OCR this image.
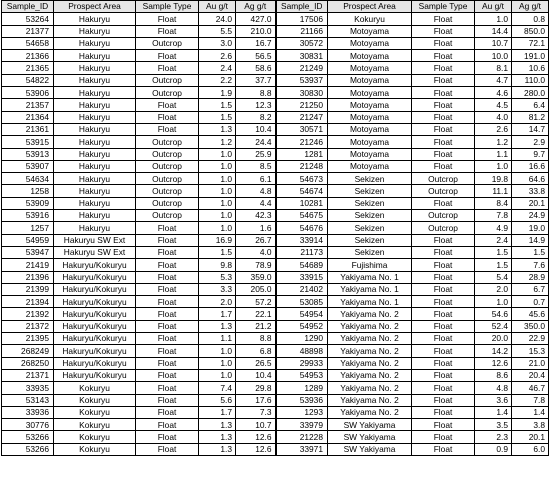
Sample_ID	Prospect Area	Sample Type	Au g/t	Ag g/t	Sample_ID	Prospect Area	Sample Type	Au g/t	Ag g/t
53264	Hakuryu	Float	24.0	427.0	17506	Kokuryu	Float	1.0	0.8
21377	Hakuryu	Float	5.5	210.0	21166	Motoyama	Float	14.4	850.0
54658	Hakuryu	Outcrop	3.0	16.7	30572	Motoyama	Float	10.7	72.1
21366	Hakuryu	Float	2.6	56.5	30831	Motoyama	Float	10.0	191.0
21365	Hakuryu	Float	2.4	58.6	21249	Motoyama	Float	8.1	10.6
54822	Hakuryu	Outcrop	2.2	37.7	53937	Motoyama	Float	4.7	110.0
53906	Hakuryu	Outcrop	1.9	8.8	30830	Motoyama	Float	4.6	280.0
21357	Hakuryu	Float	1.5	12.3	21250	Motoyama	Float	4.5	6.4
21364	Hakuryu	Float	1.5	8.2	21247	Motoyama	Float	4.0	81.2
21361	Hakuryu	Float	1.3	10.4	30571	Motoyama	Float	2.6	14.7
53915	Hakuryu	Outcrop	1.2	24.4	21246	Motoyama	Float	1.2	2.9
53913	Hakuryu	Outcrop	1.0	25.9	1281	Motoyama	Float	1.1	9.7
53907	Hakuryu	Outcrop	1.0	8.5	21248	Motoyama	Float	1.0	16.6
54634	Hakuryu	Outcrop	1.0	6.1	54673	Sekizen	Outcrop	19.8	64.6
1258	Hakuryu	Outcrop	1.0	4.8	54674	Sekizen	Outcrop	11.1	33.8
53909	Hakuryu	Outcrop	1.0	4.4	10281	Sekizen	Float	8.4	20.1
53916	Hakuryu	Outcrop	1.0	42.3	54675	Sekizen	Outcrop	7.8	24.9
1257	Hakuryu	Float	1.0	1.6	54676	Sekizen	Outcrop	4.9	19.0
54959	Hakuryu SW Ext	Float	16.9	26.7	33914	Sekizen	Float	2.4	14.9
53947	Hakuryu SW Ext	Float	1.5	4.0	21173	Sekizen	Float	1.5	1.5
21419	Hakuryu/Kokuryu	Float	9.8	78.9	54689	Fujishima	Float	1.5	7.6
21396	Hakuryu/Kokuryu	Float	5.3	359.0	33915	Yakiyama No. 1	Float	5.4	28.9
21399	Hakuryu/Kokuryu	Float	3.3	205.0	21402	Yakiyama No. 1	Float	2.0	6.7
21394	Hakuryu/Kokuryu	Float	2.0	57.2	53085	Yakiyama No. 1	Float	1.0	0.7
21392	Hakuryu/Kokuryu	Float	1.7	22.1	54954	Yakiyama No. 2	Float	54.6	45.6
21372	Hakuryu/Kokuryu	Float	1.3	21.2	54952	Yakiyama No. 2	Float	52.4	350.0
21395	Hakuryu/Kokuryu	Float	1.1	8.8	1290	Yakiyama No. 2	Float	20.0	22.9
268249	Hakuryu/Kokuryu	Float	1.0	6.8	48898	Yakiyama No. 2	Float	14.2	15.3
268250	Hakuryu/Kokuryu	Float	1.0	26.5	29933	Yakiyama No. 2	Float	12.6	21.0
21371	Hakuryu/Kokuryu	Float	1.0	10.4	54953	Yakiyama No. 2	Float	8.6	20.4
33935	Kokuryu	Float	7.4	29.8	1289	Yakiyama No. 2	Float	4.8	46.7
53143	Kokuryu	Float	5.6	17.6	53936	Yakiyama No. 2	Float	3.6	7.8
33936	Kokuryu	Float	1.7	7.3	1293	Yakiyama No. 2	Float	1.4	1.4
30776	Kokuryu	Float	1.3	10.7	33979	SW Yakiyama	Float	3.5	3.8
53266	Kokuryu	Float	1.3	12.6	21228	SW Yakiyama	Float	2.3	20.1
53266	Kokuryu	Float	1.3	12.6	33971	SW Yakiyama	Float	0.9	6.0
